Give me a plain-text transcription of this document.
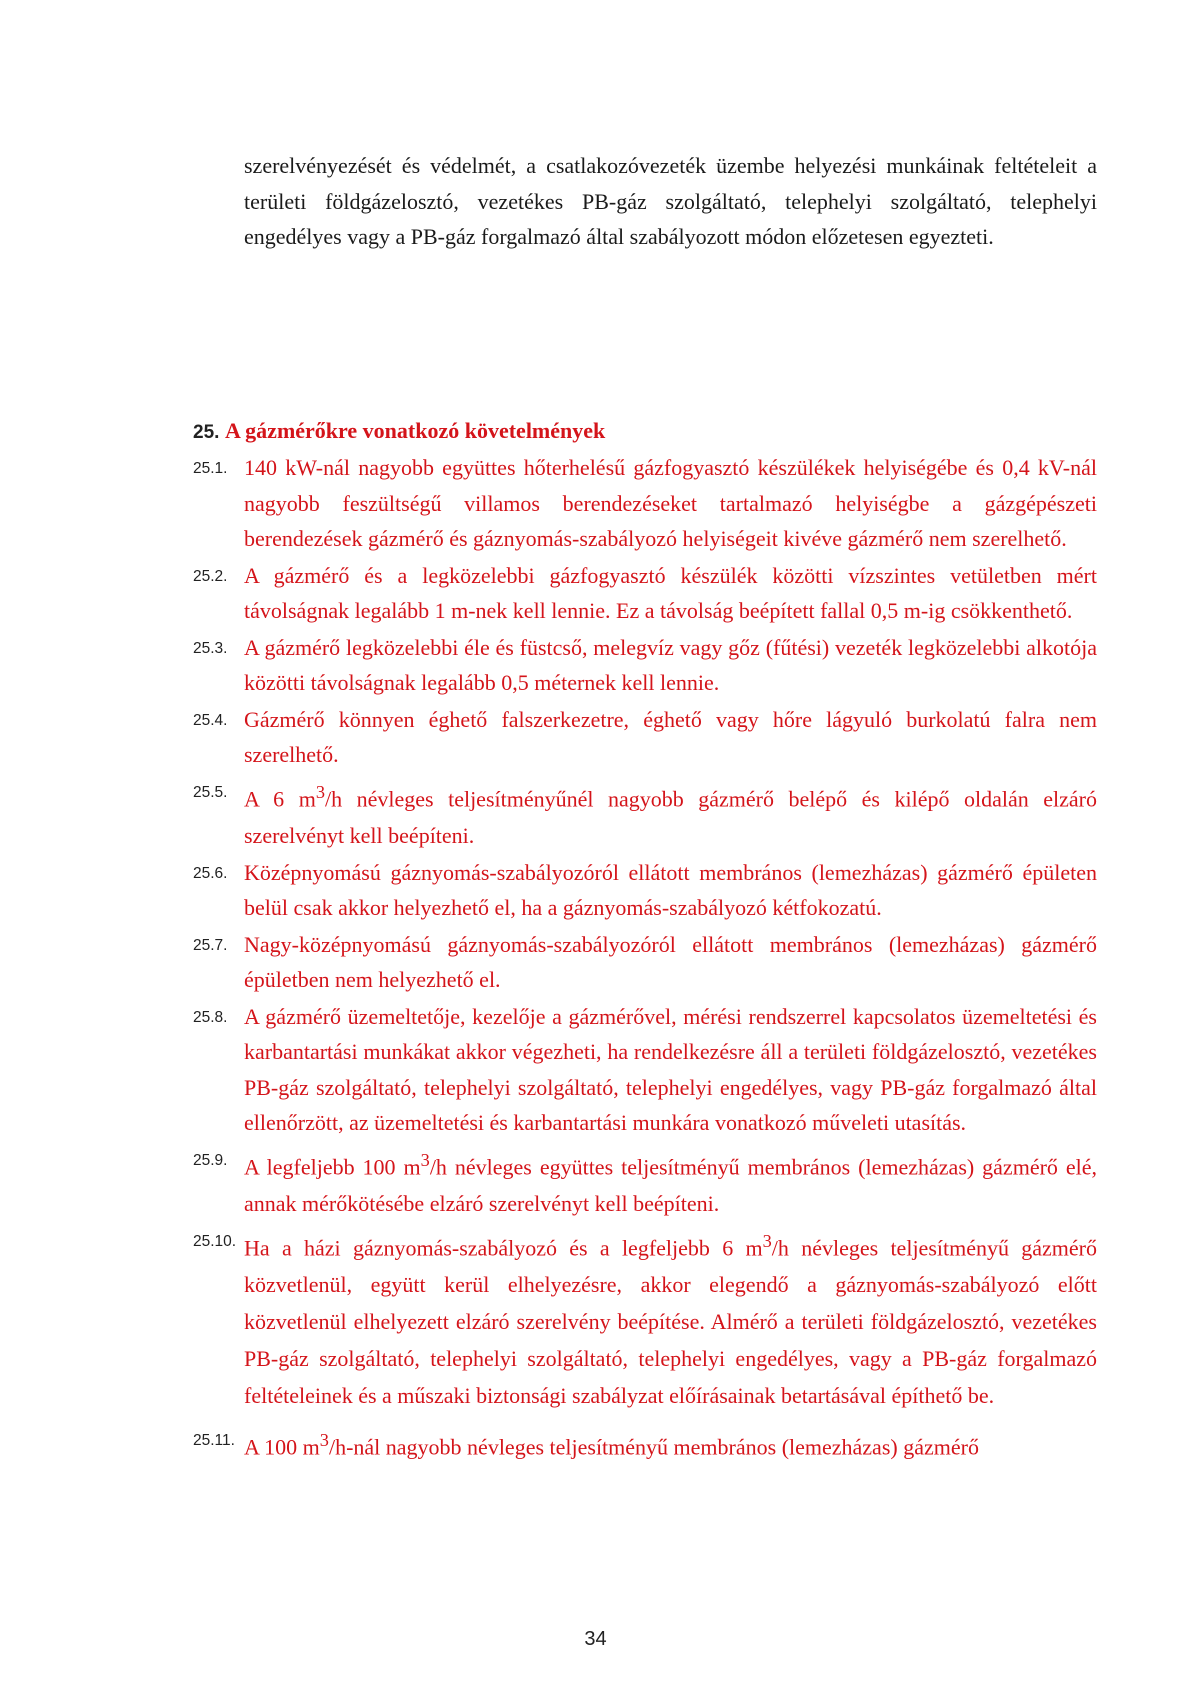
szerelvényezését és védelmét, a csatlakozóvezeték üzembe helyezési munkáinak feltételeit a területi földgázelosztó, vezetékes PB-gáz szolgáltató, telephelyi szolgáltató, telephelyi engedélyes vagy a PB-gáz forgalmazó által szabályozott módon előzetesen egyezteti.
25. A gázmérőkre vonatkozó követelmények
25.1. 140 kW-nál nagyobb együttes hőterhelésű gázfogyasztó készülékek helyiségébe és 0,4 kV-nál nagyobb feszültségű villamos berendezéseket tartalmazó helyiségbe a gázgépészeti berendezések gázmérő és gáznyomás-szabályozó helyiségeit kivéve gázmérő nem szerelhető.
25.2. A gázmérő és a legközelebbi gázfogyasztó készülék közötti vízszintes vetületben mért távolságnak legalább 1 m-nek kell lennie. Ez a távolság beépített fallal 0,5 m-ig csökkenthető.
25.3. A gázmérő legközelebbi éle és füstcső, melegvíz vagy gőz (fűtési) vezeték legközelebbi alkotója közötti távolságnak legalább 0,5 méternek kell lennie.
25.4. Gázmérő könnyen éghető falszerkezetre, éghető vagy hőre lágyuló burkolatú falra nem szerelhető.
25.5. A 6 $m^3/h$ névleges teljesítményűnél nagyobb gázmérő belépő és kilépő oldalán elzáró szerelvényt kell beépíteni.
25.6. Középnyomású gáznyomás-szabályozóról ellátott membrános (lemezházas) gázmérő épületen belül csak akkor helyezhető el, ha a gáznyomás-szabályozó kétfokozatú.
25.7. Nagy-középnyomású gáznyomás-szabályozóról ellátott membrános (lemezházas) gázmérő épületben nem helyezhető el.
25.8. A gázmérő üzemeltetője, kezelője a gázmérővel, mérési rendszerrel kapcsolatos üzemeltetési és karbantartási munkákat akkor végezheti, ha rendelkezésre áll a területi földgázelosztó, vezetékes PB-gáz szolgáltató, telephelyi szolgáltató, telephelyi engedélyes, vagy PB-gáz forgalmazó által ellenőrzött, az üzemeltetési és karbantartási munkára vonatkozó műveleti utasítás.
25.9. A legfeljebb 100 $m^3/h$ névleges együttes teljesítményű membrános (lemezházas) gázmérő elé, annak mérőkötésébe elzáró szerelvényt kell beépíteni.
25.10. Ha a házi gáznyomás-szabályozó és a legfeljebb 6 $m^3/h$ névleges teljesítményű gázmérő közvetlenül, együtt kerül elhelyezésre, akkor elegendő a gáznyomás-szabályozó előtt közvetlenül elhelyezett elzáró szerelvény beépítése. Almérő a területi földgázelosztó, vezetékes PB-gáz szolgáltató, telephelyi szolgáltató, telephelyi engedélyes, vagy a PB-gáz forgalmazó feltételeinek és a műszaki biztonsági szabályzat előírásainak betartásával építhető be.
25.11. A 100 $m^3/h$-nál nagyobb névleges teljesítményű membrános (lemezházas) gázmérő
34
